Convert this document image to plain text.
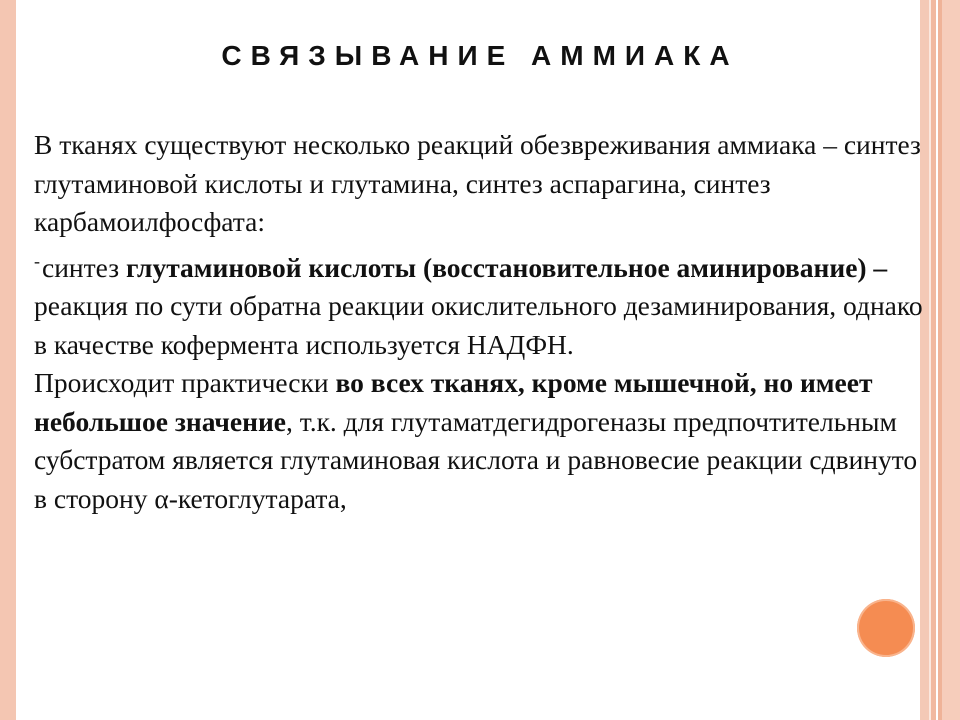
СВЯЗЫВАНИЕ АММИАКА

В тканях существуют несколько реакций обезвреживания аммиака – синтез глутаминовой кислоты и глутамина, синтез аспарагина, синтез карбамоилфосфата:

-синтез глутаминовой кислоты (восстановительное аминирование) – реакция по сути обратна реакции окислительного дезаминирования, однако в качестве кофермента используется НАДФН.

Происходит практически во всех тканях, кроме мышечной, но имеет небольшое значение, т.к. для глутаматдегидрогеназы предпочтительным субстратом является глутаминовая кислота и равновесие реакции сдвинуто в сторону α-кетоглутарата,
